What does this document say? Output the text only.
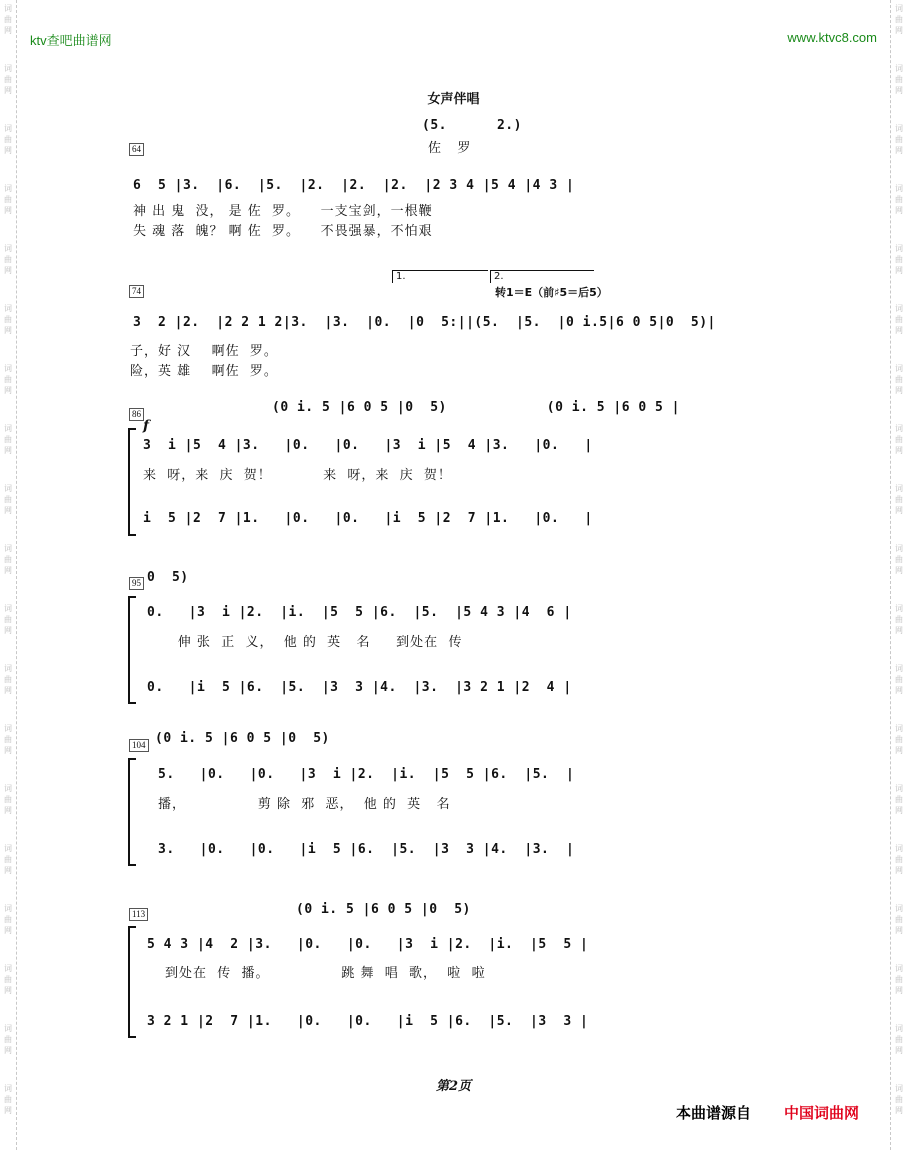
词
曲
网
词
曲
网
词
曲
网
词
曲
网
词
曲
网
词
曲
网
词
曲
网
词
曲
网
词
曲
网
词
曲
网
词
曲
网
词
曲
网
词
曲
网
词
曲
网
词
曲
网
词
曲
网
词
曲
网
词
曲
网
词
曲
网
词
曲
网
词
曲
网
词
曲
网
词
曲
网
词
曲
网
词
曲
网
词
曲
网
词
曲
网
词
曲
网
词
曲
网
词
曲
网
词
曲
网
词
曲
网
词
曲
网
词
曲
网
词
曲
网
词
曲
网
词
曲
网
词
曲
网
ktv查吧曲谱网	www.ktvc8.com
女声伴唱
(5.      2.)
佐   罗
64
6  5 |3.  |6.  |5.  |2.  |2.  |2.  |2 3 4 |5 4 |4 3 |
神 出 鬼  没， 是 佐  罗。    一支宝剑，一根鞭
失 魂 落  魄？ 啊 佐  罗。    不畏强暴，不怕艰
74
1.	2.
转1＝E（前♯5＝后5）
3  2 |2.  |2 2 1 2|3.  |3.  |0.  |0  5:||(5.  |5.  |0 i.5|6 0 5|0  5)|
子，好 汉    啊佐  罗。
险，英 雄    啊佐  罗。
86
f
(0 i. 5 |6 0 5 |0  5)            (0 i. 5 |6 0 5 |
3  i |5  4 |3.   |0.   |0.   |3  i |5  4 |3.   |0.   |
来  呀，来  庆  贺！          来  呀，来  庆  贺！
i  5 |2  7 |1.   |0.   |0.   |i  5 |2  7 |1.   |0.   |
95 0  5)
0.   |3  i |2.  |i.  |5  5 |6.  |5.  |5 4 3 |4  6 |
伸 张  正  义，  他 的  英   名     到处在  传
0.   |i  5 |6.  |5.  |3  3 |4.  |3.  |3 2 1 |2  4 |
104 (0 i. 5 |6 0 5 |0  5)
5.   |0.   |0.   |3  i |2.  |i.  |5  5 |6.  |5.  |
播，              剪 除  邪  恶，  他 的  英   名
3.   |0.   |0.   |i  5 |6.  |5.  |3  3 |4.  |3.  |
113	(0 i. 5 |6 0 5 |0  5)
5 4 3 |4  2 |3.   |0.   |0.   |3  i |2.  |i.  |5  5 |
到处在  传  播。              跳 舞  唱  歌，  啦  啦
3 2 1 |2  7 |1.   |0.   |0.   |i  5 |6.  |5.  |3  3 |
第2页
本曲谱源自 中国词曲网
